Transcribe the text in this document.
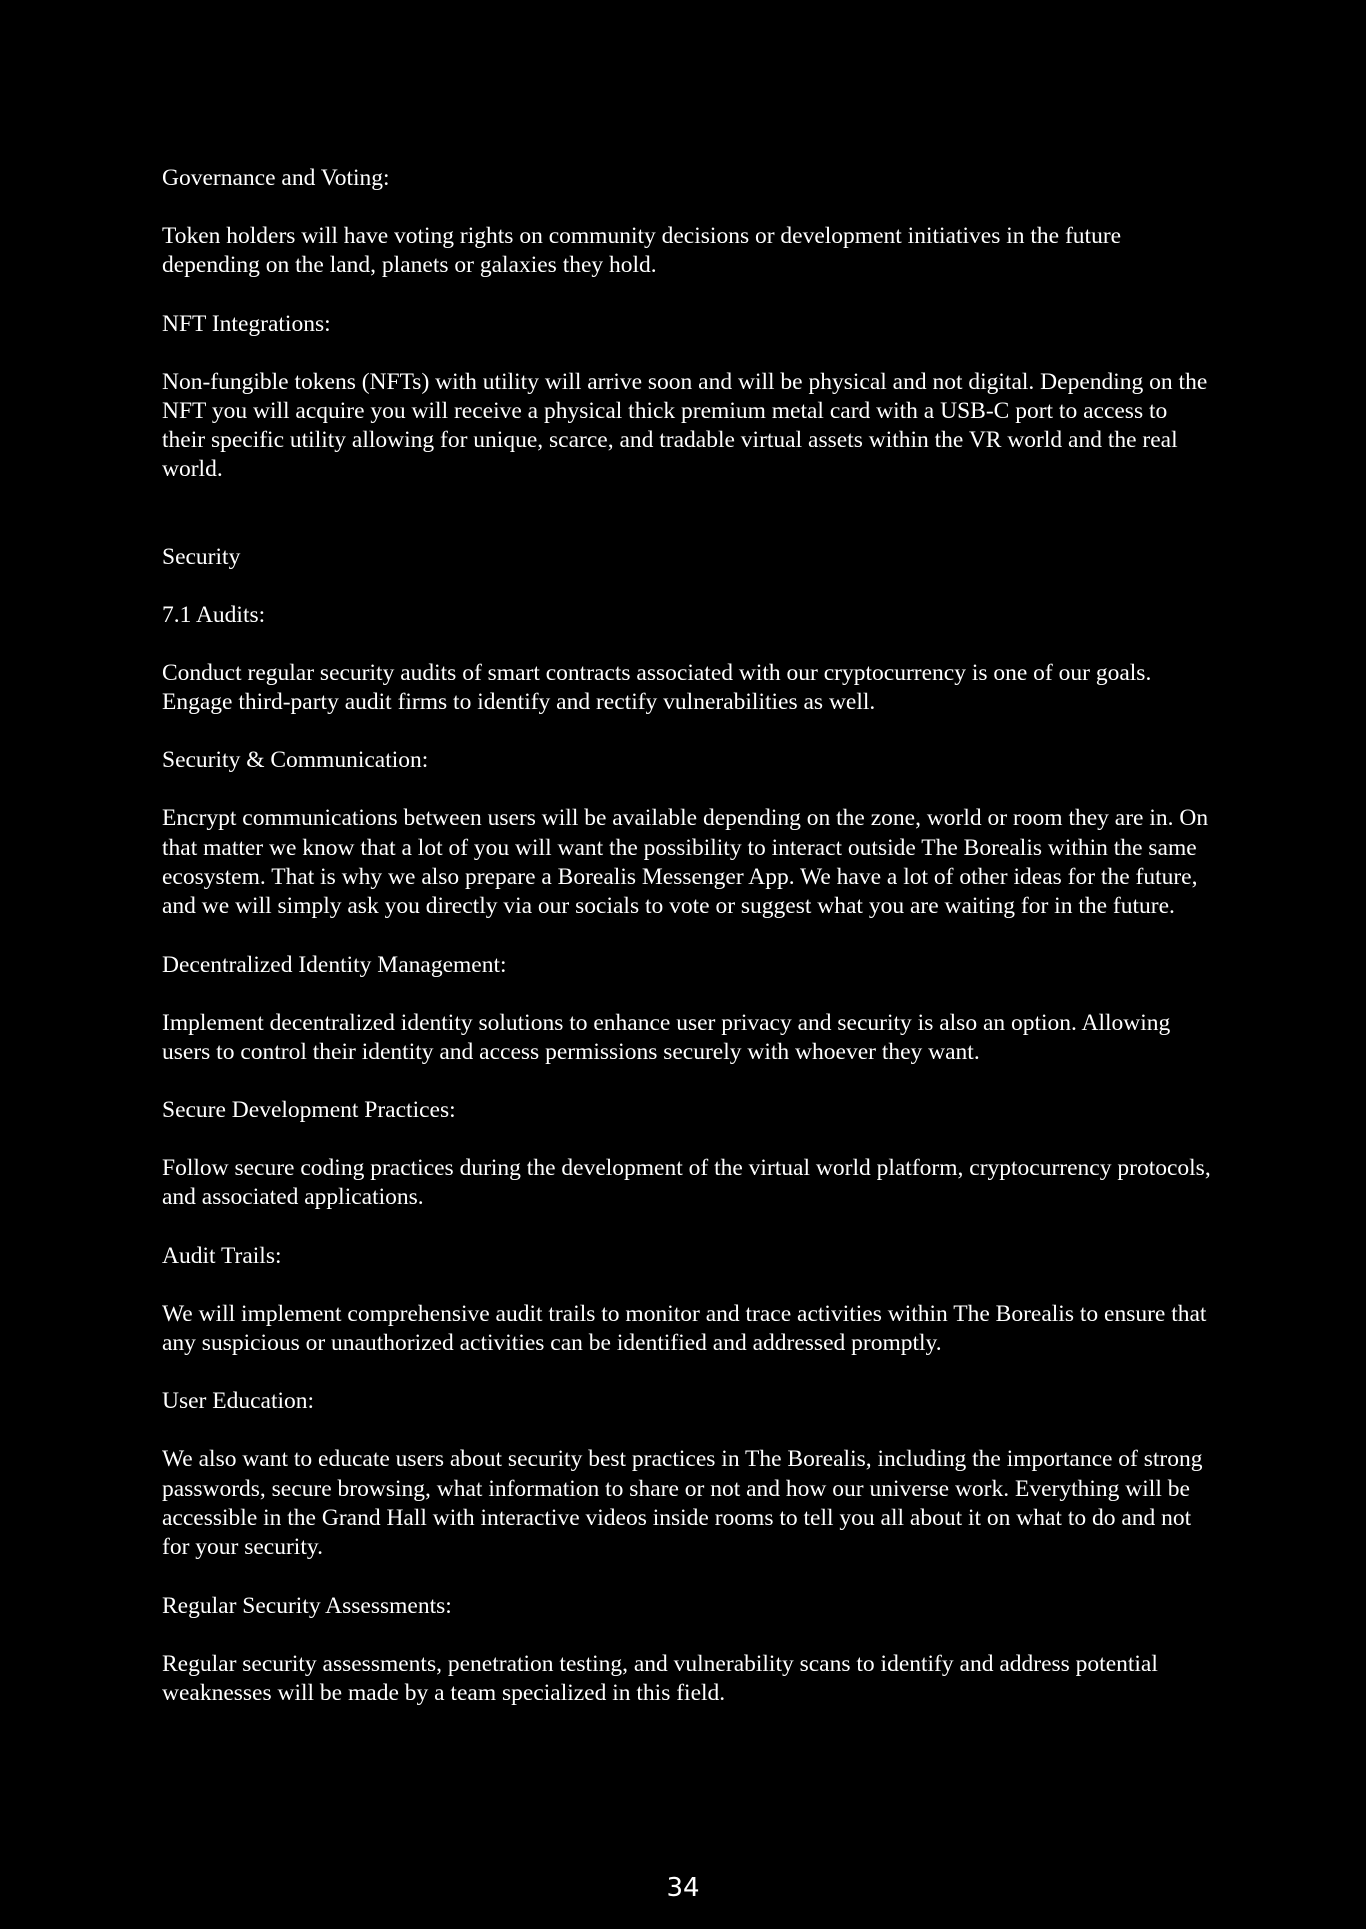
Governance and Voting:

Token holders will have voting rights on community decisions or development initiatives in the future depending on the land, planets or galaxies they hold.

NFT Integrations:

Non-fungible tokens (NFTs) with utility will arrive soon and will be physical and not digital. Depending on the NFT you will acquire you will receive a physical thick premium metal card with a USB-C port to access to their specific utility allowing for unique, scarce, and tradable virtual assets within the VR world and the real world.

Security

7.1 Audits:

Conduct regular security audits of smart contracts associated with our cryptocurrency is one of our goals. Engage third-party audit firms to identify and rectify vulnerabilities as well.

Security & Communication:

Encrypt communications between users will be available depending on the zone, world or room they are in. On that matter we know that a lot of you will want the possibility to interact outside The Borealis within the same ecosystem. That is why we also prepare a Borealis Messenger App. We have a lot of other ideas for the future, and we will simply ask you directly via our socials to vote or suggest what you are waiting for in the future.

Decentralized Identity Management:

Implement decentralized identity solutions to enhance user privacy and security is also an option. Allowing users to control their identity and access permissions securely with whoever they want.

Secure Development Practices:

Follow secure coding practices during the development of the virtual world platform, cryptocurrency protocols, and associated applications.

Audit Trails:

We will implement comprehensive audit trails to monitor and trace activities within The Borealis to ensure that any suspicious or unauthorized activities can be identified and addressed promptly.

User Education:

We also want to educate users about security best practices in The Borealis, including the importance of strong passwords, secure browsing, what information to share or not and how our universe work. Everything will be accessible in the Grand Hall with interactive videos inside rooms to tell you all about it on what to do and not for your security.

Regular Security Assessments:

Regular security assessments, penetration testing, and vulnerability scans to identify and address potential weaknesses will be made by a team specialized in this field.

34
